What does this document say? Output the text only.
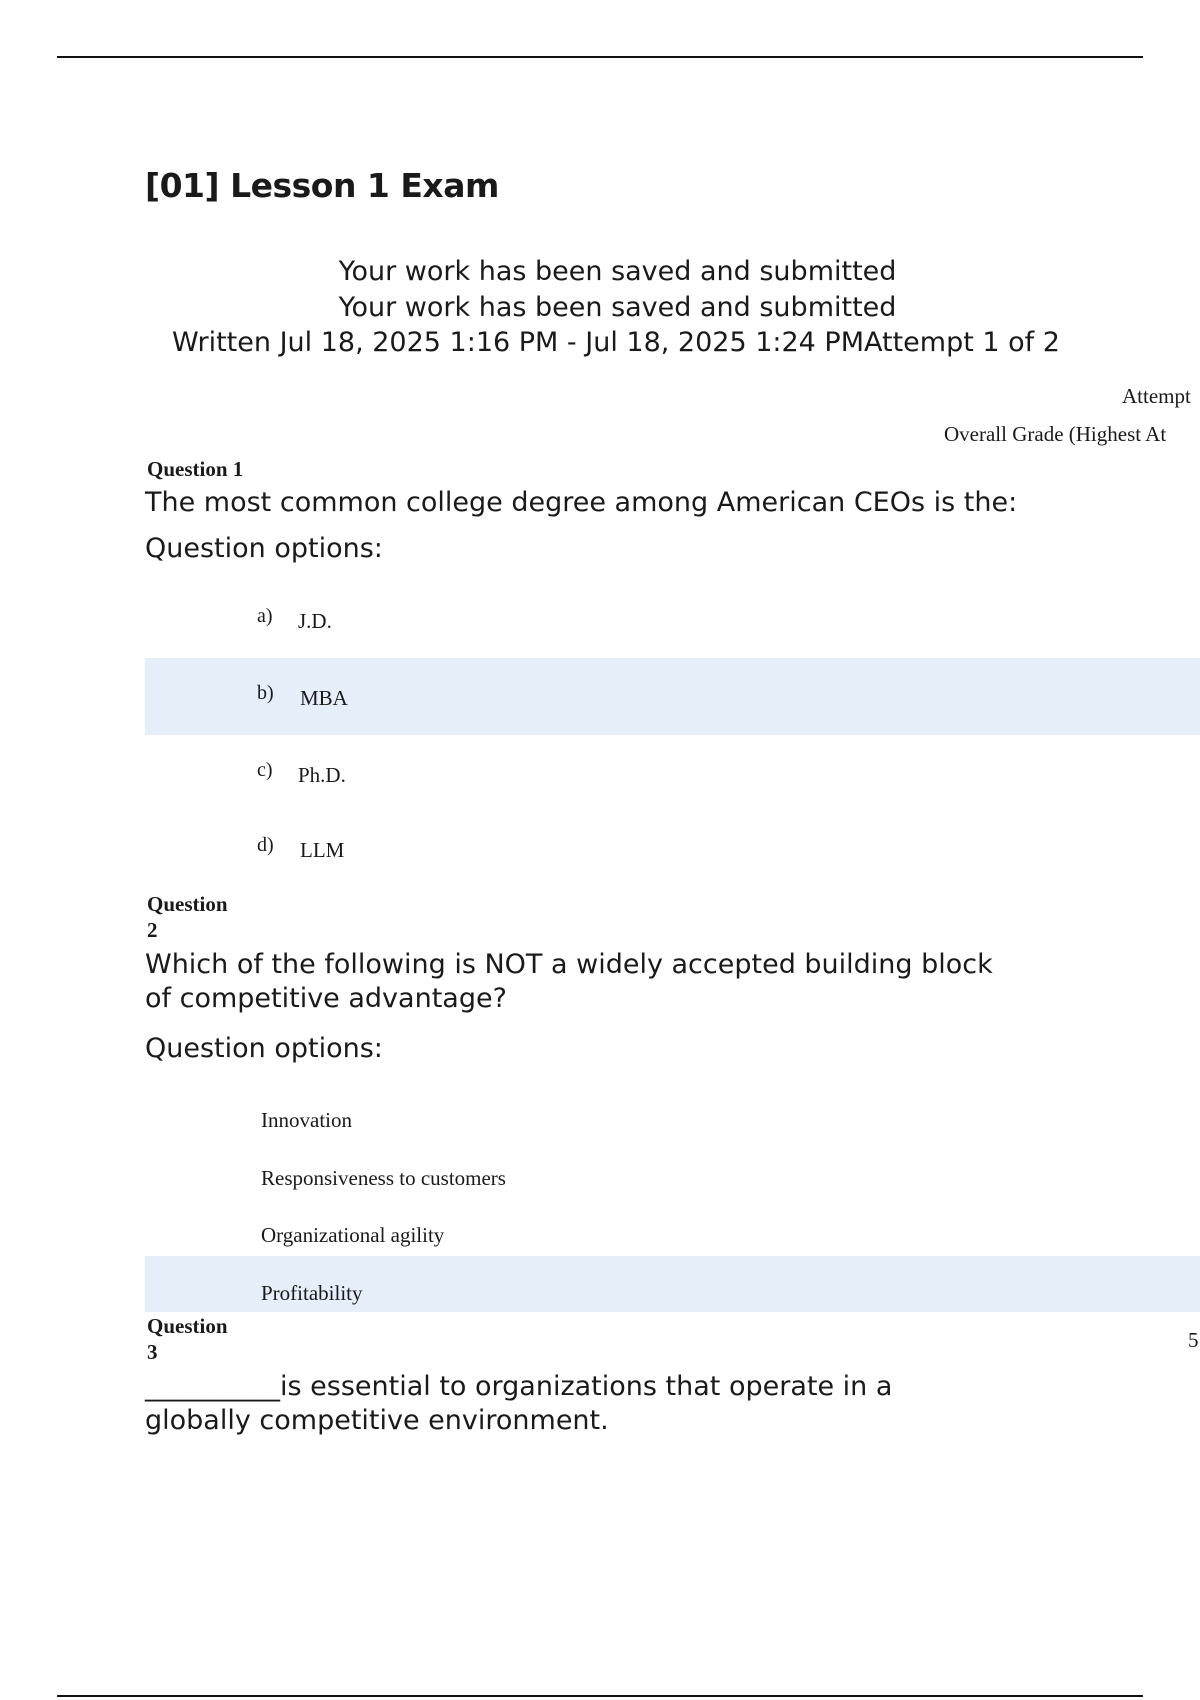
[01] Lesson 1 Exam
Your work has been saved and submitted
Your work has been saved and submitted
Written Jul 18, 2025 1:16 PM - Jul 18, 2025 1:24 PMAttempt 1 of 2
Attempt
Overall Grade (Highest At
Question 1
The most common college degree among American CEOs is the:
Question options:
a) J.D.
b) MBA
c) Ph.D.
d) LLM
Question
2
Which of the following is NOT a widely accepted building block of competitive advantage?
Question options:
Innovation
Responsiveness to customers
Organizational agility
Profitability
Question
3	5
__________is essential to organizations that operate in a globally competitive environment.
